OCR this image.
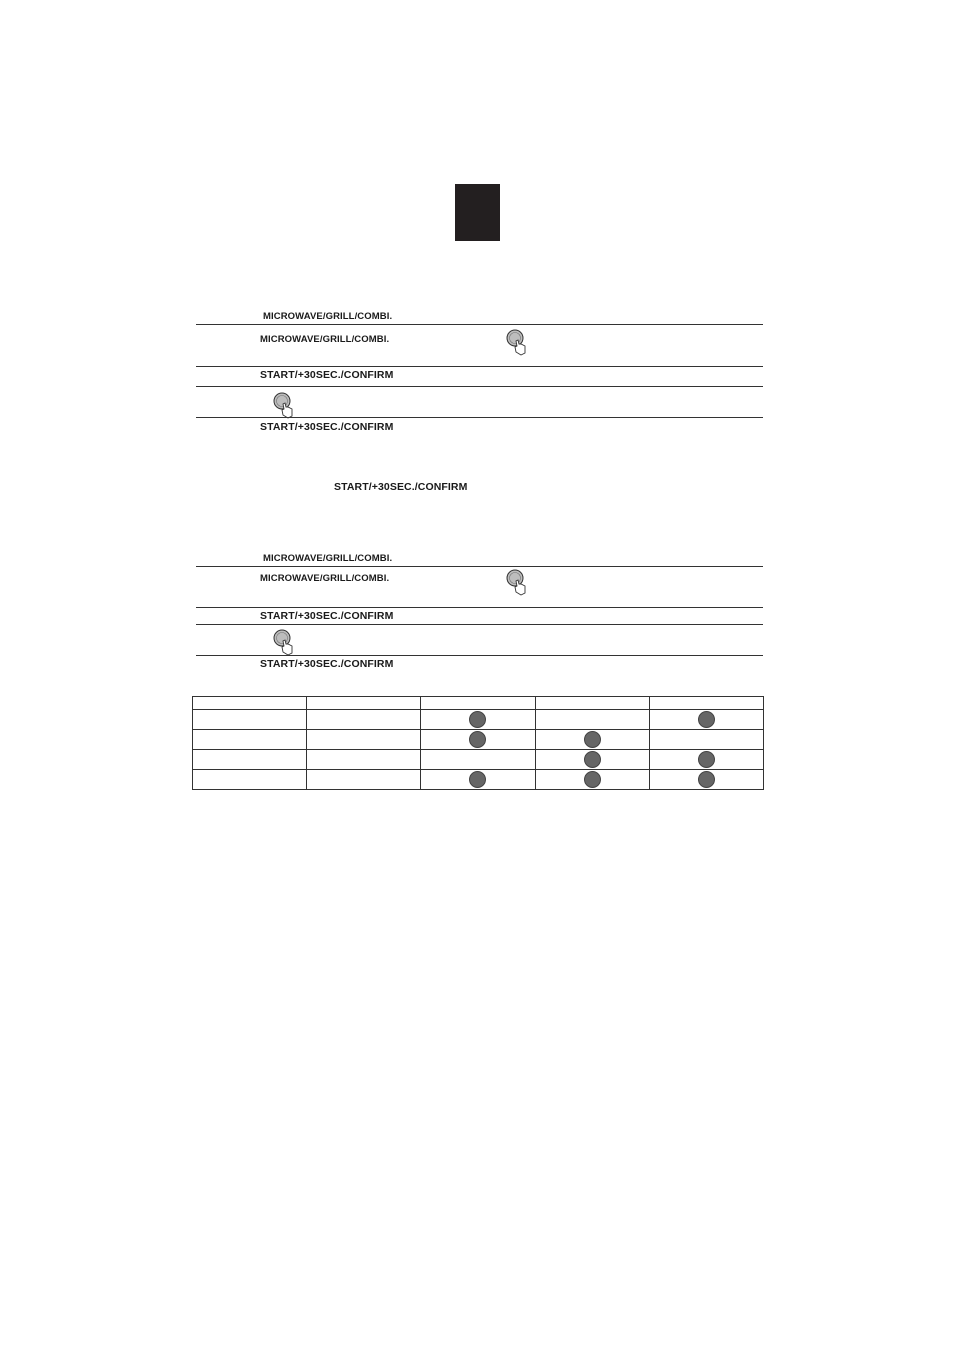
MICROWAVE/GRILL/COMBI.
MICROWAVE/GRILL/COMBI.
START/+30SEC./CONFIRM
START/+30SEC./CONFIRM
START/+30SEC./CONFIRM
MICROWAVE/GRILL/COMBI.
MICROWAVE/GRILL/COMBI.
START/+30SEC./CONFIRM
START/+30SEC./CONFIRM
